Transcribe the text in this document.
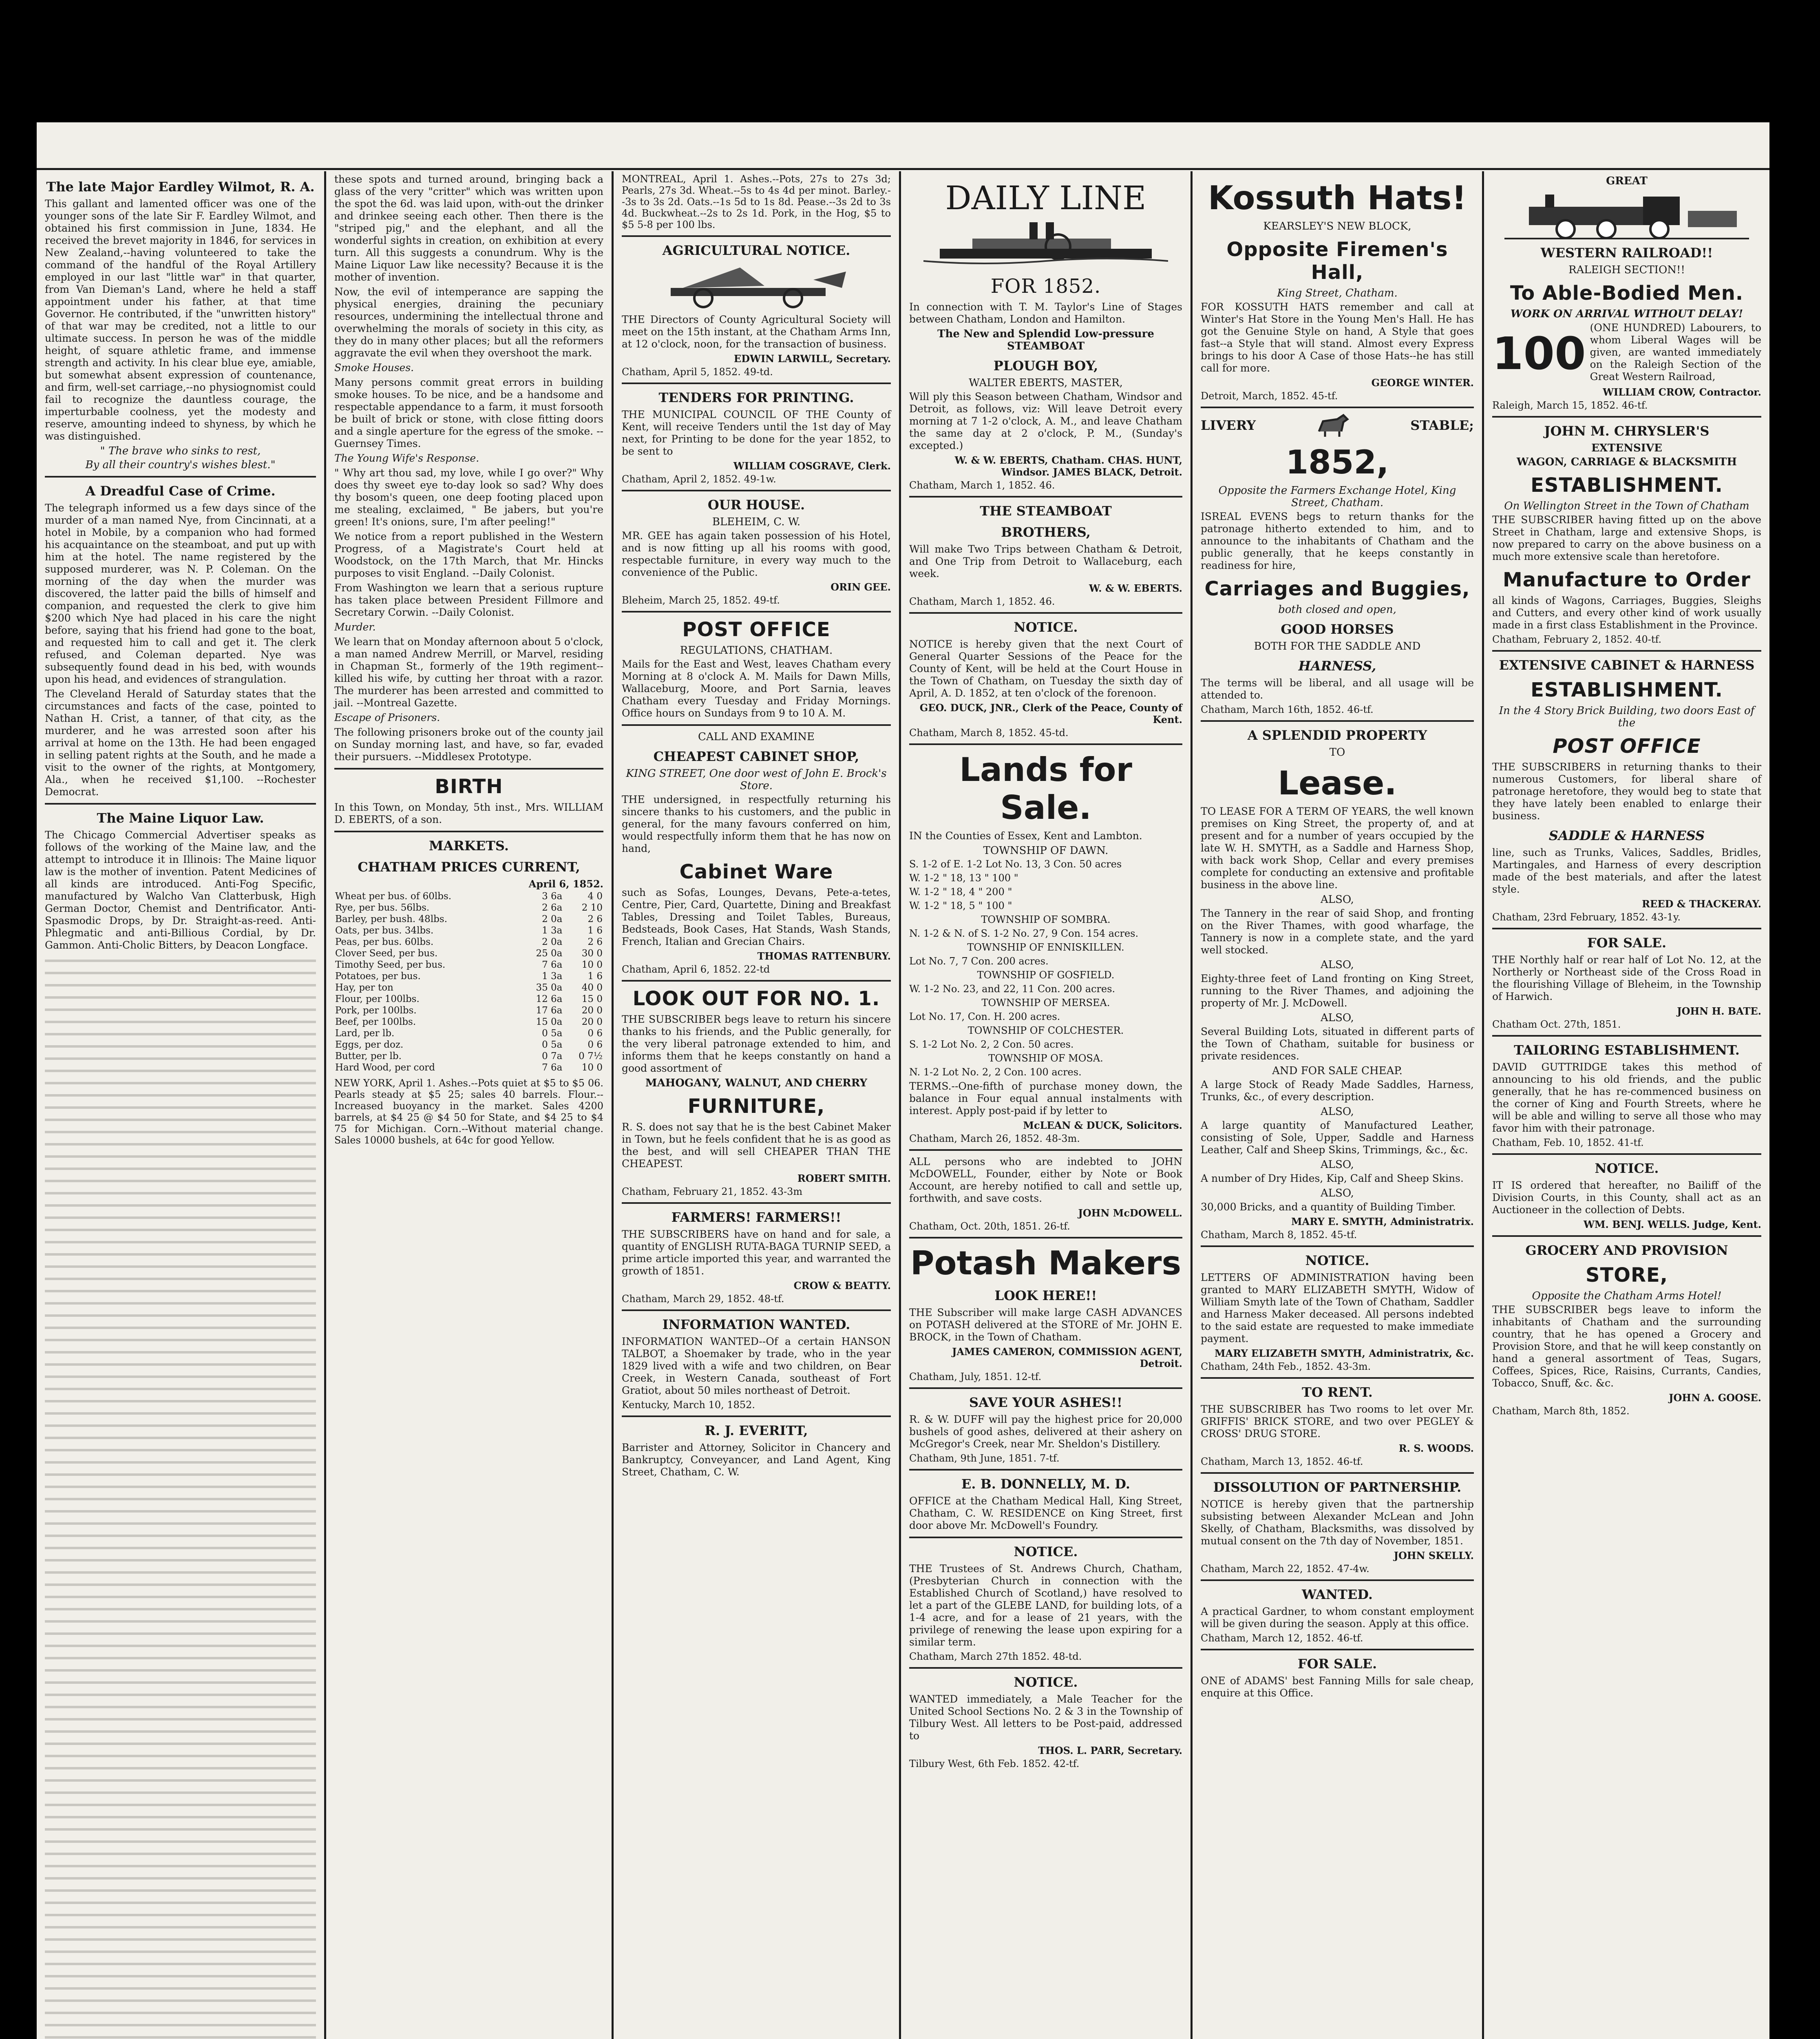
The late Major Eardley Wilmot, R. A.

This gallant and lamented officer was one of the younger sons of the late Sir F. Eardley Wilmot, and obtained his first commission in June, 1834. He received the brevet majority in 1846, for services in New Zealand,--having volunteered to take the command of the handful of the Royal Artillery employed in our last "little war" in that quarter, from Van Dieman's Land, where he held a staff appointment under his father, at that time Governor. He contributed, if the "unwritten history" of that war may be credited, not a little to our ultimate success. In person he was of the middle height, of square athletic frame, and immense strength and activity. In his clear blue eye, amiable, but somewhat absent expression of countenance, and firm, well-set carriage,--no physiognomist could fail to recognize the dauntless courage, the imperturbable coolness, yet the modesty and reserve, amounting indeed to shyness, by which he was distinguished.

" The brave who sinks to rest,

By all their country's wishes blest."

A Dreadful Case of Crime.

The telegraph informed us a few days since of the murder of a man named Nye, from Cincinnati, at a hotel in Mobile, by a companion who had formed his acquaintance on the steamboat, and put up with him at the hotel. The name registered by the supposed murderer, was N. P. Coleman. On the morning of the day when the murder was discovered, the latter paid the bills of himself and companion, and requested the clerk to give him $200 which Nye had placed in his care the night before, saying that his friend had gone to the boat, and requested him to call and get it. The clerk refused, and Coleman departed. Nye was subsequently found dead in his bed, with wounds upon his head, and evidences of strangulation.

The Cleveland Herald of Saturday states that the circumstances and facts of the case, pointed to Nathan H. Crist, a tanner, of that city, as the murderer, and he was arrested soon after his arrival at home on the 13th. He had been engaged in selling patent rights at the South, and he made a visit to the owner of the rights, at Montgomery, Ala., when he received $1,100. --Rochester Democrat.

The Maine Liquor Law.

The Chicago Commercial Advertiser speaks as follows of the working of the Maine law, and the attempt to introduce it in Illinois: The Maine liquor law is the mother of invention. Patent Medicines of all kinds are introduced. Anti-Fog Specific, manufactured by Walcho Van Clatterbusk, High German Doctor, Chemist and Dentrificator. Anti-Spasmodic Drops, by Dr. Straight-as-reed. Anti-Phlegmatic and anti-Billious Cordial, by Dr. Gammon. Anti-Cholic Bitters, by Deacon Longface.

these spots and turned around, bringing back a glass of the very "critter" which was written upon the spot the 6d. was laid upon, with-out the drinker and drinkee seeing each other. Then there is the "striped pig," and the elephant, and all the wonderful sights in creation, on exhibition at every turn. All this suggests a conundrum. Why is the Maine Liquor Law like necessity? Because it is the mother of invention.

Now, the evil of intemperance are sapping the physical energies, draining the pecuniary resources, undermining the intellectual throne and overwhelming the morals of society in this city, as they do in many other places; but all the reformers aggravate the evil when they overshoot the mark.

Smoke Houses.

Many persons commit great errors in building smoke houses. To be nice, and be a handsome and respectable appendance to a farm, it must forsooth be built of brick or stone, with close fitting doors and a single aperture for the egress of the smoke. --Guernsey Times.

The Young Wife's Response.

" Why art thou sad, my love, while I go over?" Why does thy sweet eye to-day look so sad? Why does thy bosom's queen, one deep footing placed upon me stealing, exclaimed, " Be jabers, but you're green! It's onions, sure, I'm after peeling!"

We notice from a report published in the Western Progress, of a Magistrate's Court held at Woodstock, on the 17th March, that Mr. Hincks purposes to visit England. --Daily Colonist.

From Washington we learn that a serious rupture has taken place between President Fillmore and Secretary Corwin. --Daily Colonist.

Murder.

We learn that on Monday afternoon about 5 o'clock, a man named Andrew Merrill, or Marvel, residing in Chapman St., formerly of the 19th regiment--killed his wife, by cutting her throat with a razor. The murderer has been arrested and committed to jail. --Montreal Gazette.

Escape of Prisoners.

The following prisoners broke out of the county jail on Sunday morning last, and have, so far, evaded their pursuers. --Middlesex Prototype.

BIRTH

In this Town, on Monday, 5th inst., Mrs. WILLIAM D. EBERTS, of a son.

MARKETS.
CHATHAM PRICES CURRENT,
April 6, 1852.
Wheat per bus. of 60lbs.	3 6a	4 0
Rye, per bus. 56lbs.	2 6a	2 10
Barley, per bush. 48lbs.	2 0a	2 6
Oats, per bus. 34lbs.	1 3a	1 6
Peas, per bus. 60lbs.	2 0a	2 6
Clover Seed, per bus.	25 0a	30 0
Timothy Seed, per bus.	7 6a	10 0
Potatoes, per bus.	1 3a	1 6
Hay, per ton	35 0a	40 0
Flour, per 100lbs.	12 6a	15 0
Pork, per 100lbs.	17 6a	20 0
Beef, per 100lbs.	15 0a	20 0
Lard, per lb.	0 5a	0 6
Eggs, per doz.	0 5a	0 6
Butter, per lb.	0 7a	0 7½
Hard Wood, per cord	7 6a	10 0

NEW YORK, April 1. Ashes.--Pots quiet at $5 to $5 06. Pearls steady at $5 25; sales 40 barrels. Flour.--Increased buoyancy in the market. Sales 4200 barrels, at $4 25 @ $4 50 for State, and $4 25 to $4 75 for Michigan. Corn.--Without material change. Sales 10000 bushels, at 64c for good Yellow.

MONTREAL, April 1. Ashes.--Pots, 27s to 27s 3d; Pearls, 27s 3d. Wheat.--5s to 4s 4d per minot. Barley.--3s to 3s 2d. Oats.--1s 5d to 1s 8d. Pease.--3s 2d to 3s 4d. Buckwheat.--2s to 2s 1d. Pork, in the Hog, $5 to $5 5-8 per 100 lbs.

AGRICULTURAL NOTICE.

THE Directors of County Agricultural Society will meet on the 15th instant, at the Chatham Arms Inn, at 12 o'clock, noon, for the transaction of business.

EDWIN LARWILL, Secretary.
Chatham, April 5, 1852. 49-td.
TENDERS FOR PRINTING.

THE MUNICIPAL COUNCIL OF THE County of Kent, will receive Tenders until the 1st day of May next, for Printing to be done for the year 1852, to be sent to

WILLIAM COSGRAVE, Clerk.
Chatham, April 2, 1852. 49-1w.
OUR HOUSE.
BLEHEIM, C. W.

MR. GEE has again taken possession of his Hotel, and is now fitting up all his rooms with good, respectable furniture, in every way much to the convenience of the Public.

ORIN GEE.
Bleheim, March 25, 1852. 49-tf.
POST OFFICE
REGULATIONS, CHATHAM.

Mails for the East and West, leaves Chatham every Morning at 8 o'clock A. M. Mails for Dawn Mills, Wallaceburg, Moore, and Port Sarnia, leaves Chatham every Tuesday and Friday Mornings. Office hours on Sundays from 9 to 10 A. M.

CALL AND EXAMINE
CHEAPEST CABINET SHOP,
KING STREET, One door west of John E. Brock's Store.

THE undersigned, in respectfully returning his sincere thanks to his customers, and the public in general, for the many favours conferred on him, would respectfully inform them that he has now on hand,

Cabinet Ware

such as Sofas, Lounges, Devans, Pete-a-tetes, Centre, Pier, Card, Quartette, Dining and Breakfast Tables, Dressing and Toilet Tables, Bureaus, Bedsteads, Book Cases, Hat Stands, Wash Stands, French, Italian and Grecian Chairs.

THOMAS RATTENBURY.
Chatham, April 6, 1852. 22-td
LOOK OUT FOR NO. 1.

THE SUBSCRIBER begs leave to return his sincere thanks to his friends, and the Public generally, for the very liberal patronage extended to him, and informs them that he keeps constantly on hand a good assortment of

MAHOGANY, WALNUT, AND CHERRY
FURNITURE,

R. S. does not say that he is the best Cabinet Maker in Town, but he feels confident that he is as good as the best, and will sell CHEAPER THAN THE CHEAPEST.

ROBERT SMITH.
Chatham, February 21, 1852. 43-3m
FARMERS! FARMERS!!

THE SUBSCRIBERS have on hand and for sale, a quantity of ENGLISH RUTA-BAGA TURNIP SEED, a prime article imported this year, and warranted the growth of 1851.

CROW & BEATTY.
Chatham, March 29, 1852. 48-tf.
INFORMATION WANTED.

INFORMATION WANTED--Of a certain HANSON TALBOT, a Shoemaker by trade, who in the year 1829 lived with a wife and two children, on Bear Creek, in Western Canada, southeast of Fort Gratiot, about 50 miles northeast of Detroit.

Kentucky, March 10, 1852.
R. J. EVERITT,

Barrister and Attorney, Solicitor in Chancery and Bankruptcy, Conveyancer, and Land Agent, King Street, Chatham, C. W.

DAILY LINE
FOR 1852.

In connection with T. M. Taylor's Line of Stages between Chatham, London and Hamilton.

The New and Splendid Low-pressure STEAMBOAT
PLOUGH BOY,
WALTER EBERTS, MASTER,

Will ply this Season between Chatham, Windsor and Detroit, as follows, viz: Will leave Detroit every morning at 7 1-2 o'clock, A. M., and leave Chatham the same day at 2 o'clock, P. M., (Sunday's excepted.)

W. & W. EBERTS, Chatham. CHAS. HUNT, Windsor. JAMES BLACK, Detroit.
Chatham, March 1, 1852. 46.
THE STEAMBOAT
BROTHERS,

Will make Two Trips between Chatham & Detroit, and One Trip from Detroit to Wallaceburg, each week.

W. & W. EBERTS.
Chatham, March 1, 1852. 46.
NOTICE.

NOTICE is hereby given that the next Court of General Quarter Sessions of the Peace for the County of Kent, will be held at the Court House in the Town of Chatham, on Tuesday the sixth day of April, A. D. 1852, at ten o'clock of the forenoon.

GEO. DUCK, JNR., Clerk of the Peace, County of Kent.
Chatham, March 8, 1852. 45-td.
Lands for Sale.

IN the Counties of Essex, Kent and Lambton.

TOWNSHIP OF DAWN.
S. 1-2 of E. 1-2 Lot No. 13, 3 Con. 50 acres
W. 1-2 " 18, 13 " 100 "
W. 1-2 " 18, 4 " 200 "
W. 1-2 " 18, 5 " 100 "
TOWNSHIP OF SOMBRA.
N. 1-2 & N. of S. 1-2 No. 27, 9 Con. 154 acres.
TOWNSHIP OF ENNISKILLEN.
Lot No. 7, 7 Con. 200 acres.
TOWNSHIP OF GOSFIELD.
W. 1-2 No. 23, and 22, 11 Con. 200 acres.
TOWNSHIP OF MERSEA.
Lot No. 17, Con. H. 200 acres.
TOWNSHIP OF COLCHESTER.
S. 1-2 Lot No. 2, 2 Con. 50 acres.
TOWNSHIP OF MOSA.
N. 1-2 Lot No. 2, 2 Con. 100 acres.

TERMS.--One-fifth of purchase money down, the balance in Four equal annual instalments with interest. Apply post-paid if by letter to

McLEAN & DUCK, Solicitors.
Chatham, March 26, 1852. 48-3m.

ALL persons who are indebted to JOHN McDOWELL, Founder, either by Note or Book Account, are hereby notified to call and settle up, forthwith, and save costs.

JOHN McDOWELL.
Chatham, Oct. 20th, 1851. 26-tf.
Potash Makers
LOOK HERE!!

THE Subscriber will make large CASH ADVANCES on POTASH delivered at the STORE of Mr. JOHN E. BROCK, in the Town of Chatham.

JAMES CAMERON, COMMISSION AGENT, Detroit.
Chatham, July, 1851. 12-tf.
SAVE YOUR ASHES!!

R. & W. DUFF will pay the highest price for 20,000 bushels of good ashes, delivered at their ashery on McGregor's Creek, near Mr. Sheldon's Distillery.

Chatham, 9th June, 1851. 7-tf.
E. B. DONNELLY, M. D.

OFFICE at the Chatham Medical Hall, King Street, Chatham, C. W. RESIDENCE on King Street, first door above Mr. McDowell's Foundry.

NOTICE.

THE Trustees of St. Andrews Church, Chatham, (Presbyterian Church in connection with the Established Church of Scotland,) have resolved to let a part of the GLEBE LAND, for building lots, of a 1-4 acre, and for a lease of 21 years, with the privilege of renewing the lease upon expiring for a similar term.

Chatham, March 27th 1852. 48-td.
NOTICE.

WANTED immediately, a Male Teacher for the United School Sections No. 2 & 3 in the Township of Tilbury West. All letters to be Post-paid, addressed to

THOS. L. PARR, Secretary.
Tilbury West, 6th Feb. 1852. 42-tf.
Kossuth Hats!
KEARSLEY'S NEW BLOCK,
Opposite Firemen's Hall,
King Street, Chatham.

FOR KOSSUTH HATS remember and call at Winter's Hat Store in the Young Men's Hall. He has got the Genuine Style on hand, A Style that goes fast--a Style that will stand. Almost every Express brings to his door A Case of those Hats--he has still call for more.

GEORGE WINTER.
Detroit, March, 1852. 45-tf.
LIVERY	STABLE;
1852,
Opposite the Farmers Exchange Hotel, King Street, Chatham.

ISREAL EVENS begs to return thanks for the patronage hitherto extended to him, and to announce to the inhabitants of Chatham and the public generally, that he keeps constantly in readiness for hire,

Carriages and Buggies,
both closed and open,
GOOD HORSES
BOTH FOR THE SADDLE AND
HARNESS,

The terms will be liberal, and all usage will be attended to.

Chatham, March 16th, 1852. 46-tf.
A SPLENDID PROPERTY
TO
Lease.

TO LEASE FOR A TERM OF YEARS, the well known premises on King Street, the property of, and at present and for a number of years occupied by the late W. H. SMYTH, as a Saddle and Harness Shop, with back work Shop, Cellar and every premises complete for conducting an extensive and profitable business in the above line.

ALSO,

The Tannery in the rear of said Shop, and fronting on the River Thames, with good wharfage, the Tannery is now in a complete state, and the yard well stocked.

ALSO,

Eighty-three feet of Land fronting on King Street, running to the River Thames, and adjoining the property of Mr. J. McDowell.

ALSO,

Several Building Lots, situated in different parts of the Town of Chatham, suitable for business or private residences.

AND FOR SALE CHEAP.

A large Stock of Ready Made Saddles, Harness, Trunks, &c., of every description.

ALSO,

A large quantity of Manufactured Leather, consisting of Sole, Upper, Saddle and Harness Leather, Calf and Sheep Skins, Trimmings, &c., &c.

ALSO,

A number of Dry Hides, Kip, Calf and Sheep Skins.

ALSO,

30,000 Bricks, and a quantity of Building Timber.

MARY E. SMYTH, Administratrix.
Chatham, March 8, 1852. 45-tf.
NOTICE.

LETTERS OF ADMINISTRATION having been granted to MARY ELIZABETH SMYTH, Widow of William Smyth late of the Town of Chatham, Saddler and Harness Maker deceased. All persons indebted to the said estate are requested to make immediate payment.

MARY ELIZABETH SMYTH, Administratrix, &c.
Chatham, 24th Feb., 1852. 43-3m.
TO RENT.

THE SUBSCRIBER has Two rooms to let over Mr. GRIFFIS' BRICK STORE, and two over PEGLEY & CROSS' DRUG STORE.

R. S. WOODS.
Chatham, March 13, 1852. 46-tf.
DISSOLUTION OF PARTNERSHIP.

NOTICE is hereby given that the partnership subsisting between Alexander McLean and John Skelly, of Chatham, Blacksmiths, was dissolved by mutual consent on the 7th day of November, 1851.

JOHN SKELLY.
Chatham, March 22, 1852. 47-4w.
WANTED.

A practical Gardner, to whom constant employment will be given during the season. Apply at this office.

Chatham, March 12, 1852. 46-tf.
FOR SALE.

ONE of ADAMS' best Fanning Mills for sale cheap, enquire at this Office.

GREAT
WESTERN RAILROAD!!
RALEIGH SECTION!!
To Able-Bodied Men.
WORK ON ARRIVAL WITHOUT DELAY!
100 (ONE HUNDRED) Labourers, to whom Liberal Wages will be given, are wanted immediately on the Raleigh Section of the Great Western Railroad,
WILLIAM CROW, Contractor.
Raleigh, March 15, 1852. 46-tf.
JOHN M. CHRYSLER'S
EXTENSIVE
WAGON, CARRIAGE & BLACKSMITH
ESTABLISHMENT.
On Wellington Street in the Town of Chatham

THE SUBSCRIBER having fitted up on the above Street in Chatham, large and extensive Shops, is now prepared to carry on the above business on a much more extensive scale than heretofore.

Manufacture to Order

all kinds of Wagons, Carriages, Buggies, Sleighs and Cutters, and every other kind of work usually made in a first class Establishment in the Province.

Chatham, February 2, 1852. 40-tf.
EXTENSIVE CABINET & HARNESS
ESTABLISHMENT.
In the 4 Story Brick Building, two doors East of the
POST OFFICE

THE SUBSCRIBERS in returning thanks to their numerous Customers, for liberal share of patronage heretofore, they would beg to state that they have lately been enabled to enlarge their business.

SADDLE & HARNESS

line, such as Trunks, Valices, Saddles, Bridles, Martingales, and Harness of every description made of the best materials, and after the latest style.

REED & THACKERAY.
Chatham, 23rd February, 1852. 43-1y.
FOR SALE.

THE Northly half or rear half of Lot No. 12, at the Northerly or Northeast side of the Cross Road in the flourishing Village of Bleheim, in the Township of Harwich.

JOHN H. BATE.
Chatham Oct. 27th, 1851.
TAILORING ESTABLISHMENT.

DAVID GUTTRIDGE takes this method of announcing to his old friends, and the public generally, that he has re-commenced business on the corner of King and Fourth Streets, where he will be able and willing to serve all those who may favor him with their patronage.

Chatham, Feb. 10, 1852. 41-tf.
NOTICE.

IT IS ordered that hereafter, no Bailiff of the Division Courts, in this County, shall act as an Auctioneer in the collection of Debts.

WM. BENJ. WELLS. Judge, Kent.
GROCERY AND PROVISION
STORE,
Opposite the Chatham Arms Hotel!

THE SUBSCRIBER begs leave to inform the inhabitants of Chatham and the surrounding country, that he has opened a Grocery and Provision Store, and that he will keep constantly on hand a general assortment of Teas, Sugars, Coffees, Spices, Rice, Raisins, Currants, Candies, Tobacco, Snuff, &c. &c.

JOHN A. GOOSE.
Chatham, March 8th, 1852.
